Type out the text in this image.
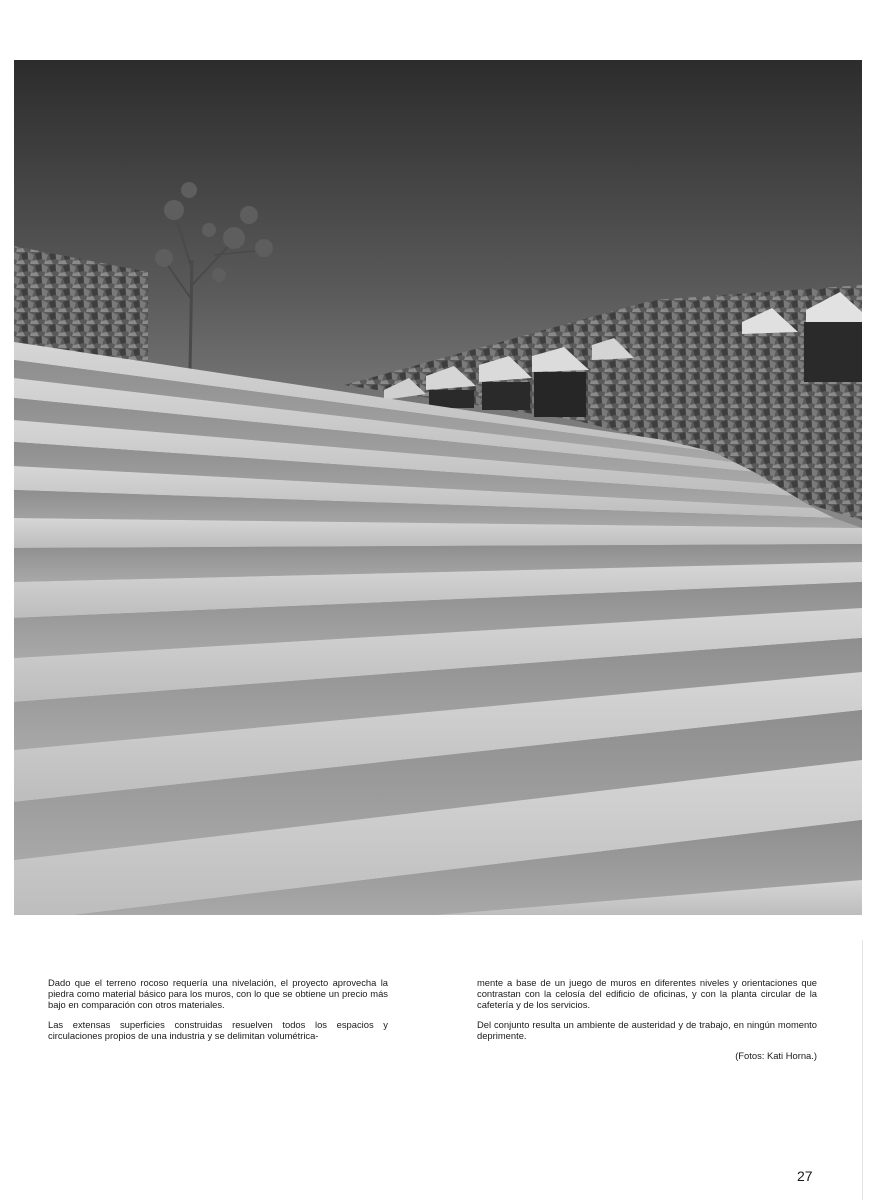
Dado que el terreno rocoso requería una nivelación, el proyecto aprovecha la piedra como material básico para los muros, con lo que se obtiene un precio más bajo en comparación con otros materiales.

Las extensas superficies construidas resuelven todos los espacios y circulaciones propios de una industria y se delimitan volumétrica-

mente a base de un juego de muros en diferentes niveles y orientaciones que contrastan con la celosía del edificio de oficinas, y con la planta circular de la cafetería y de los servicios.

Del conjunto resulta un ambiente de austeridad y de trabajo, en ningún momento deprimente.

(Fotos: Kati Horna.)
27
